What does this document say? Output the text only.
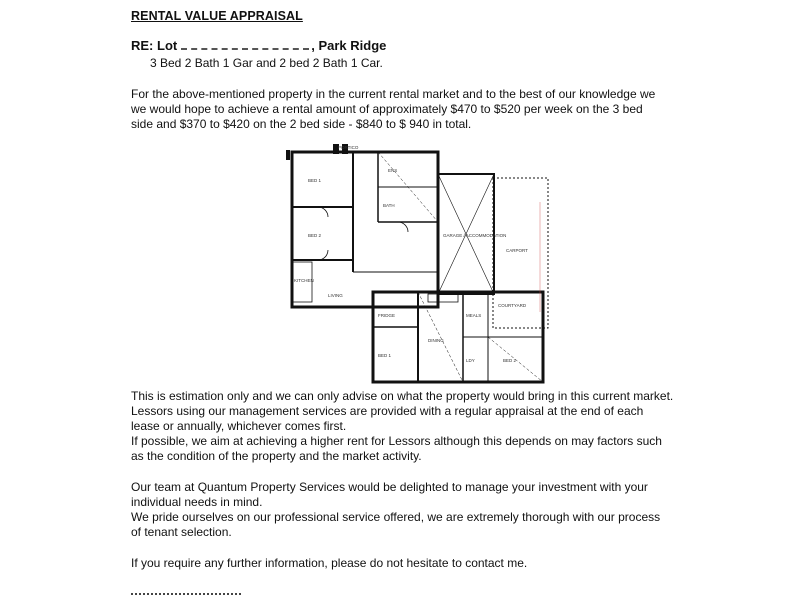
RENTAL VALUE APPRAISAL
RE: Lot	, Park Ridge
3 Bed 2 Bath 1 Gar and 2 bed 2 Bath 1 Car.
For the above-mentioned property in the current rental market and to the best of our knowledge we
we would hope to achieve a rental amount of approximately $470 to $520 per week on the 3 bed
side and $370 to $420 on the 2 bed side - $840 to $ 940 in total.
PORTICO
BED 1
BED 2
KITCHEN
LIVING
ENS
BATH
GARAGE / ACCOMMODATION
CARPORT
COURTYARD
FRIDGE
BED 1
DINING
MEALS
BED 2
LDY
This is estimation only and we can only advise on what the property would bring in this current market.
Lessors using our management services are provided with a regular appraisal at the end of each
lease or annually, whichever comes first.
If possible, we aim at achieving a higher rent for Lessors although this depends on may factors such
as the condition of the property and the market activity.
Our team at Quantum Property Services would be delighted to manage your investment with your
individual needs in mind.
We pride ourselves on our professional service offered, we are extremely thorough with our process
of tenant selection.
If you require any further information, please do not hesitate to contact me.
